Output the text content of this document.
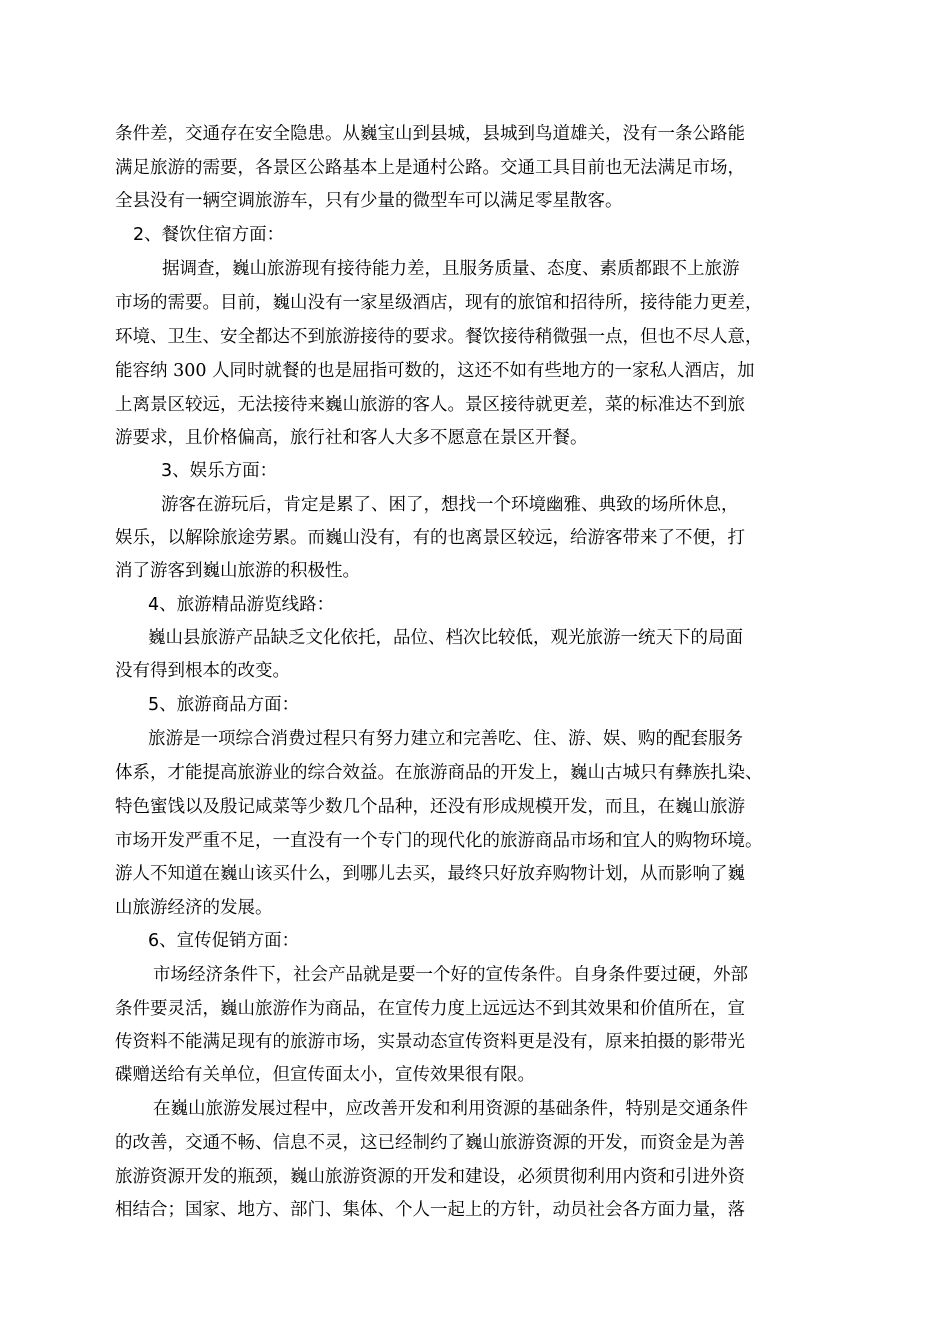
条件差，交通存在安全隐患。从巍宝山到县城，县城到鸟道雄关，没有一条公路能
满足旅游的需要，各景区公路基本上是通村公路。交通工具目前也无法满足市场，
全县没有一辆空调旅游车，只有少量的微型车可以满足零星散客。
2、餐饮住宿方面：
据调查，巍山旅游现有接待能力差，且服务质量、态度、素质都跟不上旅游
市场的需要。目前，巍山没有一家星级酒店，现有的旅馆和招待所，接待能力更差，
环境、卫生、安全都达不到旅游接待的要求。餐饮接待稍微强一点，但也不尽人意，
能容纳 300 人同时就餐的也是屈指可数的，这还不如有些地方的一家私人酒店，加
上离景区较远，无法接待来巍山旅游的客人。景区接待就更差，菜的标准达不到旅
游要求，且价格偏高，旅行社和客人大多不愿意在景区开餐。
3、娱乐方面：
游客在游玩后，肯定是累了、困了，想找一个环境幽雅、典致的场所休息，
娱乐，以解除旅途劳累。而巍山没有，有的也离景区较远，给游客带来了不便，打
消了游客到巍山旅游的积极性。
4、旅游精品游览线路：
巍山县旅游产品缺乏文化依托，品位、档次比较低，观光旅游一统天下的局面
没有得到根本的改变。
5、旅游商品方面：
旅游是一项综合消费过程只有努力建立和完善吃、住、游、娱、购的配套服务
体系，才能提高旅游业的综合效益。在旅游商品的开发上，巍山古城只有彝族扎染、
特色蜜饯以及殷记咸菜等少数几个品种，还没有形成规模开发，而且，在巍山旅游
市场开发严重不足，一直没有一个专门的现代化的旅游商品市场和宜人的购物环境。
游人不知道在巍山该买什么，到哪儿去买，最终只好放弃购物计划，从而影响了巍
山旅游经济的发展。
6、宣传促销方面：
市场经济条件下，社会产品就是要一个好的宣传条件。自身条件要过硬，外部
条件要灵活，巍山旅游作为商品，在宣传力度上远远达不到其效果和价值所在，宣
传资料不能满足现有的旅游市场，实景动态宣传资料更是没有，原来拍摄的影带光
碟赠送给有关单位，但宣传面太小，宣传效果很有限。
在巍山旅游发展过程中，应改善开发和利用资源的基础条件，特别是交通条件
的改善，交通不畅、信息不灵，这已经制约了巍山旅游资源的开发，而资金是为善
旅游资源开发的瓶颈，巍山旅游资源的开发和建设，必须贯彻利用内资和引进外资
相结合；国家、地方、部门、集体、个人一起上的方针，动员社会各方面力量，落
